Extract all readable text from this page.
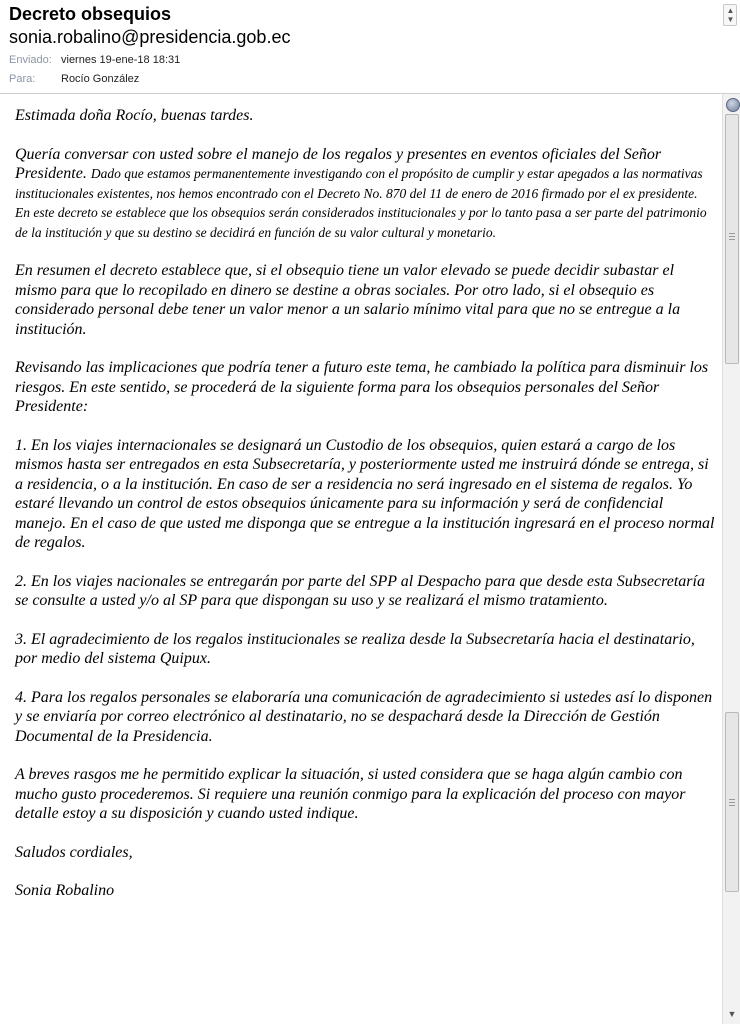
Decreto obsequios
sonia.robalino@presidencia.gob.ec
Enviado: viernes 19-ene-18 18:31
Para: Rocío González
▲
▼

Estimada doña Rocío, buenas tardes.

Quería conversar con usted sobre el manejo de los regalos y presentes en eventos oficiales del Señor Presidente. Dado que estamos permanentemente investigando con el propósito de cumplir y estar apegados a las normativas institucionales existentes, nos hemos encontrado con el Decreto No. 870 del 11 de enero de 2016 firmado por el ex presidente. En este decreto se establece que los obsequios serán considerados institucionales y por lo tanto pasa a ser parte del patrimonio de la institución y que su destino se decidirá en función de su valor cultural y monetario.

En resumen el decreto establece que, si el obsequio tiene un valor elevado se puede decidir subastar el mismo para que lo recopilado en dinero se destine a obras sociales. Por otro lado, si el obsequio es considerado personal debe tener un valor menor a un salario mínimo vital para que no se entregue a la institución.

Revisando las implicaciones que podría tener a futuro este tema, he cambiado la política para disminuir los riesgos. En este sentido, se procederá de la siguiente forma para los obsequios personales del Señor Presidente:

1. En los viajes internacionales se designará un Custodio de los obsequios, quien estará a cargo de los mismos hasta ser entregados en esta Subsecretaría, y posteriormente usted me instruirá dónde se entrega, si a residencia, o a la institución. En caso de ser a residencia no será ingresado en el sistema de regalos. Yo estaré llevando un control de estos obsequios únicamente para su información y será de confidencial manejo. En el caso de que usted me disponga que se entregue a la institución ingresará en el proceso normal de regalos.

2. En los viajes nacionales se entregarán por parte del SPP al Despacho para que desde esta Subsecretaría se consulte a usted y/o al SP para que dispongan su uso y se realizará el mismo tratamiento.

3. El agradecimiento de los regalos institucionales se realiza desde la Subsecretaría hacia el destinatario, por medio del sistema Quipux.

4. Para los regalos personales se elaboraría una comunicación de agradecimiento si ustedes así lo disponen y se enviaría por correo electrónico al destinatario, no se despachará desde la Dirección de Gestión Documental de la Presidencia.

A breves rasgos me he permitido explicar la situación, si usted considera que se haga algún cambio con mucho gusto procederemos. Si requiere una reunión conmigo para la explicación del proceso con mayor detalle estoy a su disposición y cuando usted indique.

Saludos cordiales,

Sonia Robalino

▼
